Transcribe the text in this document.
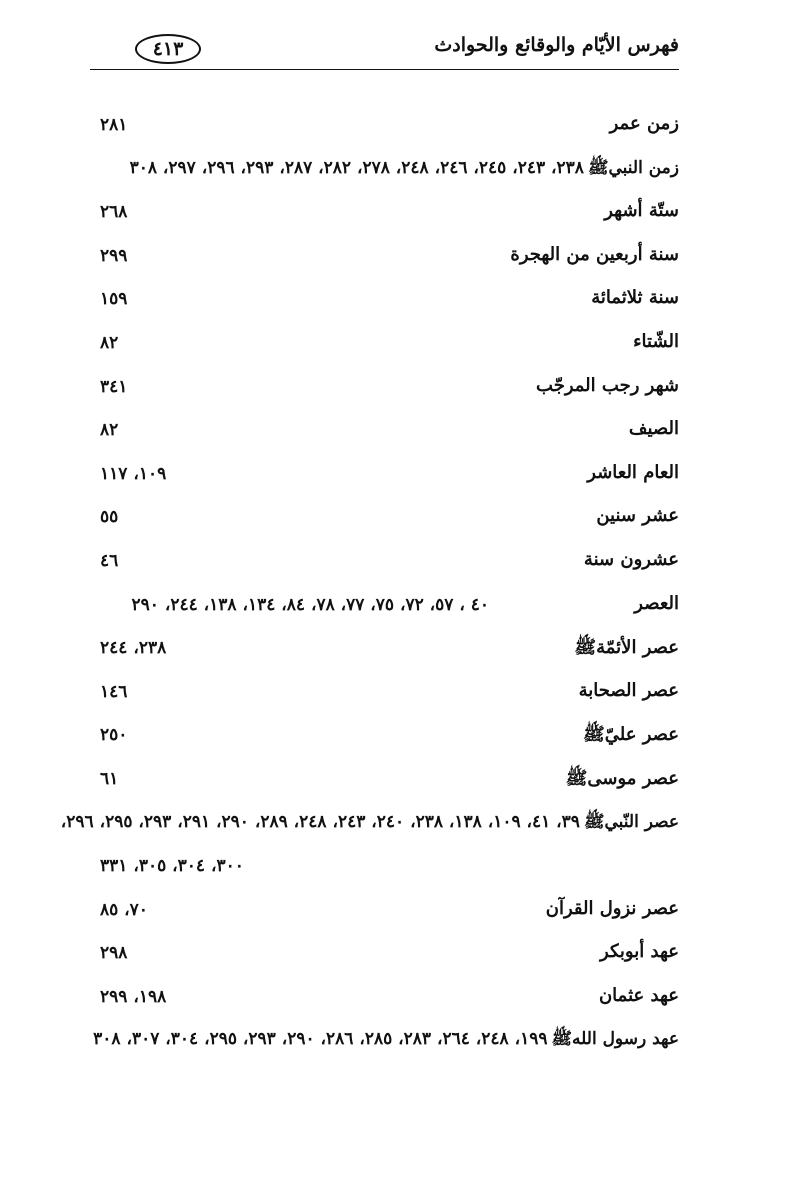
فهرس الأيّام والوقائع والحوادث
٤١٣
زمن عمر
٢٨١
زمن النبيﷺ٢٣٨، ٢٤٣، ٢٤٥، ٢٤٦، ٢٤٨، ٢٧٨، ٢٨٢، ٢٨٧، ٢٩٣، ٢٩٦، ٢٩٧، ٣٠٨
ستّة أشهر
٢٦٨
سنة أربعين من الهجرة
٢٩٩
سنة ثلاثمائة
١٥٩
الشّتاء
٨٢
شهر رجب المرجّب
٣٤١
الصيف
٨٢
العام العاشر
١٠٩، ١١٧
عشر سنين
٥٥
عشرون سنة
٤٦
العصر
٤٠ ، ٥٧، ٧٢، ٧٥، ٧٧، ٧٨، ٨٤، ١٣٤، ١٣٨، ٢٤٤، ٢٩٠
عصر الأئمّةﷺ
٢٣٨، ٢٤٤
عصر الصحابة
١٤٦
عصر عليّﷺ
٢٥٠
عصر موسىﷺ
٦١
عصر النّبيﷺ٣٩، ٤١، ١٠٩، ١٣٨، ٢٣٨، ٢٤٠، ٢٤٣، ٢٤٨، ٢٨٩، ٢٩٠، ٢٩١، ٢٩٣، ٢٩٥، ٢٩٦،
٣٠٠، ٣٠٤، ٣٠٥، ٣٣١
عصر نزول القرآن
٧٠، ٨٥
عهد أبوبكر
٢٩٨
عهد عثمان
١٩٨، ٢٩٩
عهد رسول اللهﷺ١٩٩، ٢٤٨، ٢٦٤، ٢٨٣، ٢٨٥، ٢٨٦، ٢٩٠، ٢٩٣، ٢٩٥، ٣٠٤، ٣٠٧، ٣٠٨
